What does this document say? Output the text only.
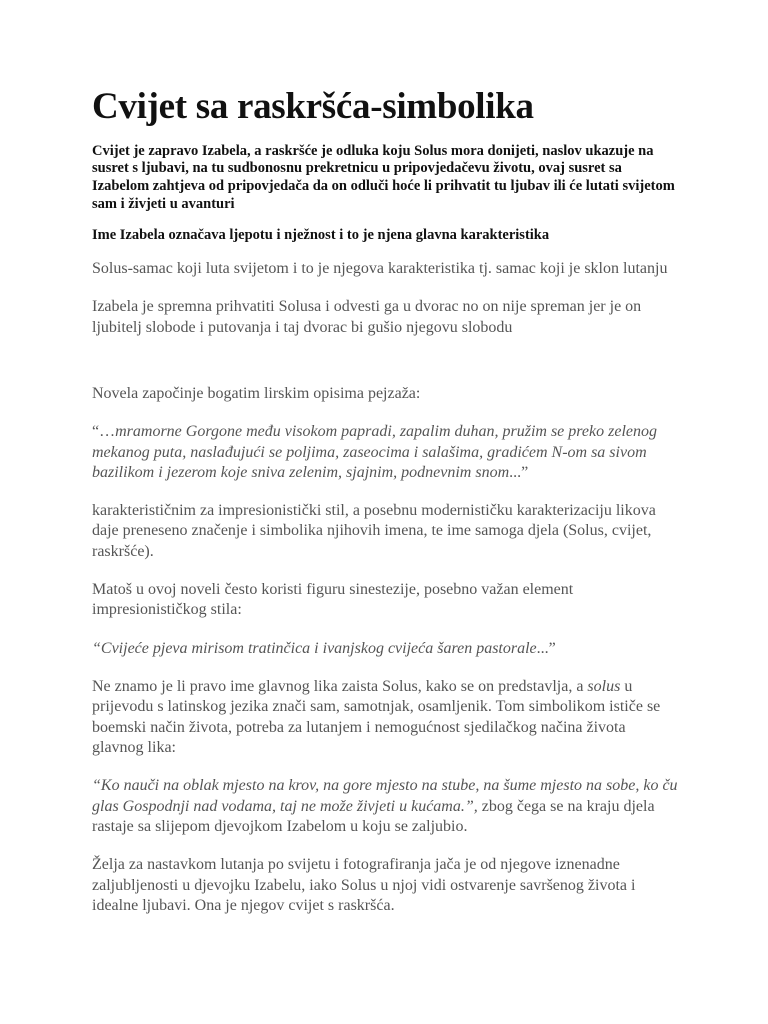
Cvijet sa raskršća-simbolika

Cvijet je zapravo Izabela, a raskršće je odluka koju Solus mora donijeti, naslov ukazuje na susret s ljubavi, na tu sudbonosnu prekretnicu u pripovjedačevu životu, ovaj susret sa Izabelom zahtjeva od pripovjedača da on odluči hoće li prihvatit tu ljubav ili će lutati svijetom sam i živjeti u avanturi

Ime Izabela označava ljepotu i nježnost i to je njena glavna karakteristika

Solus-samac koji luta svijetom i to je njegova karakteristika tj. samac koji je sklon lutanju

Izabela je spremna prihvatiti Solusa i odvesti ga u dvorac no on nije spreman jer je on ljubitelj slobode i putovanja i taj dvorac bi gušio njegovu slobodu

Novela započinje bogatim lirskim opisima pejzaža:

“…mramorne Gorgone među visokom papradi, zapalim duhan, pružim se preko zelenog mekanog puta, naslađujući se poljima, zaseocima i salašima, gradićem N-om sa sivom bazilikom i jezerom koje sniva zelenim, sjajnim, podnevnim snom...”

karakterističnim za impresionistički stil, a posebnu modernističku karakterizaciju likova daje preneseno značenje i simbolika njihovih imena, te ime samoga djela (Solus, cvijet, raskršće).

Matoš u ovoj noveli često koristi figuru sinestezije, posebno važan element impresionističkog stila:

“Cvijeće pjeva mirisom tratinčica i ivanjskog cvijeća šaren pastorale...”

Ne znamo je li pravo ime glavnog lika zaista Solus, kako se on predstavlja, a solus u prijevodu s latinskog jezika znači sam, samotnjak, osamljenik. Tom simbolikom ističe se boemski način života, potreba za lutanjem i nemogućnost sjedilačkog načina života glavnog lika:

“Ko nauči na oblak mjesto na krov, na gore mjesto na stube, na šume mjesto na sobe, ko ču glas Gospodnji nad vodama, taj ne može živjeti u kućama.”, zbog čega se na kraju djela rastaje sa slijepom djevojkom Izabelom u koju se zaljubio.

Želja za nastavkom lutanja po svijetu i fotografiranja jača je od njegove iznenadne zaljubljenosti u djevojku Izabelu, iako Solus u njoj vidi ostvarenje savršenog života i idealne ljubavi. Ona je njegov cvijet s raskršća.
